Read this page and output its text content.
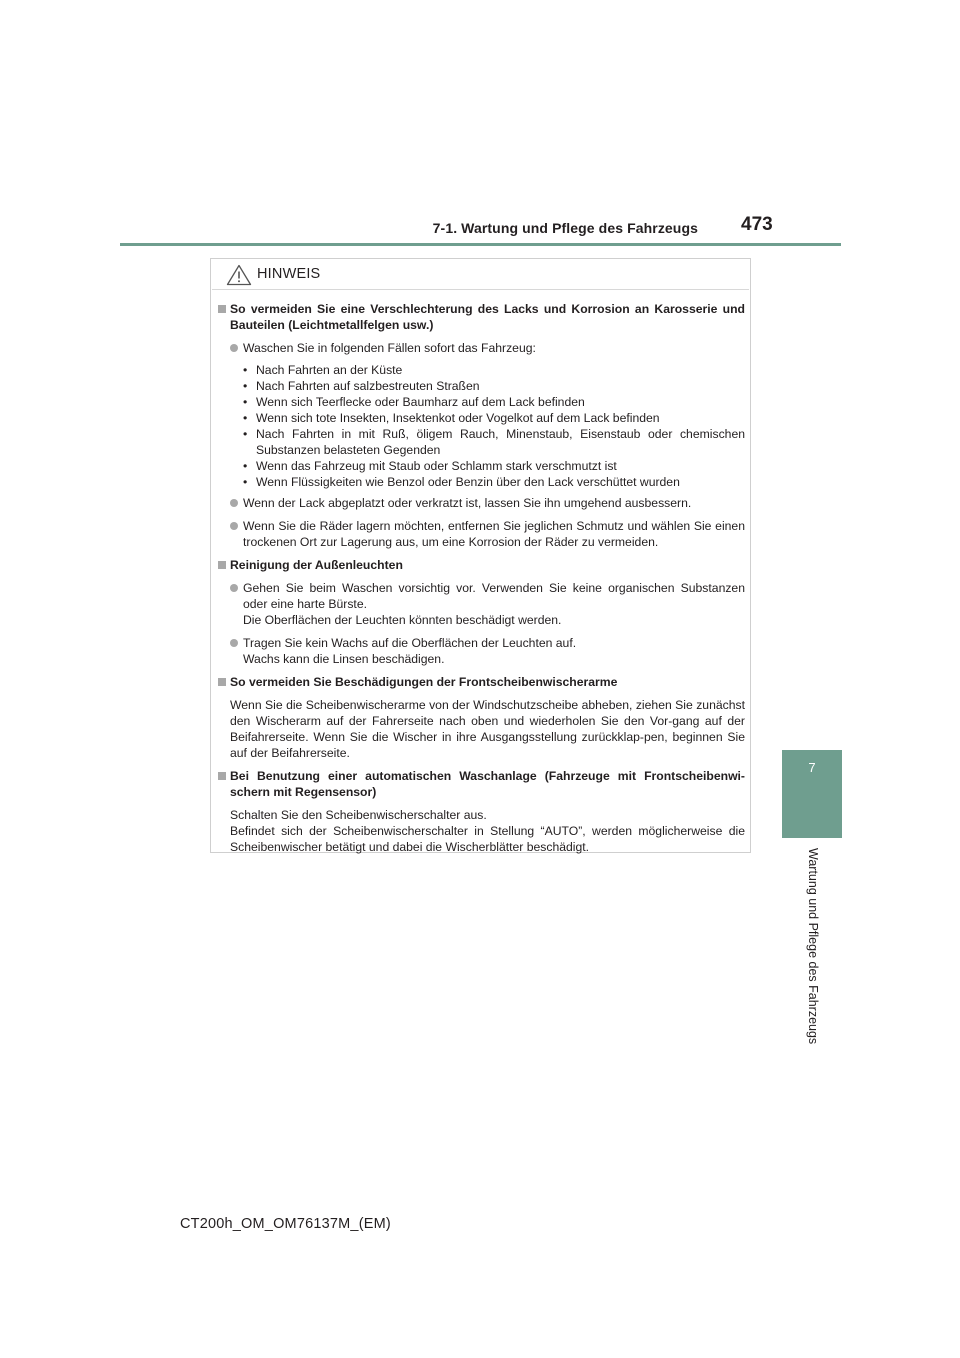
7-1. Wartung und Pflege des Fahrzeugs 473
7
Wartung und Pflege des Fahrzeugs
HINWEIS
So vermeiden Sie eine Verschlechterung des Lacks und Korrosion an Karosserie und Bauteilen (Leichtmetallfelgen usw.)
Waschen Sie in folgenden Fällen sofort das Fahrzeug:
• Nach Fahrten an der Küste
• Nach Fahrten auf salzbestreuten Straßen
• Wenn sich Teerflecke oder Baumharz auf dem Lack befinden
• Wenn sich tote Insekten, Insektenkot oder Vogelkot auf dem Lack befinden
• Nach Fahrten in mit Ruß, öligem Rauch, Minenstaub, Eisenstaub oder chemischen Substanzen belasteten Gegenden
• Wenn das Fahrzeug mit Staub oder Schlamm stark verschmutzt ist
• Wenn Flüssigkeiten wie Benzol oder Benzin über den Lack verschüttet wurden
Wenn der Lack abgeplatzt oder verkratzt ist, lassen Sie ihn umgehend ausbessern.
Wenn Sie die Räder lagern möchten, entfernen Sie jeglichen Schmutz und wählen Sie einen trockenen Ort zur Lagerung aus, um eine Korrosion der Räder zu vermeiden.
Reinigung der Außenleuchten
Gehen Sie beim Waschen vorsichtig vor. Verwenden Sie keine organischen Substanzen oder eine harte Bürste.
Die Oberflächen der Leuchten könnten beschädigt werden.
Tragen Sie kein Wachs auf die Oberflächen der Leuchten auf.
Wachs kann die Linsen beschädigen.
So vermeiden Sie Beschädigungen der Frontscheibenwischerarme
Wenn Sie die Scheibenwischerarme von der Windschutzscheibe abheben, ziehen Sie zunächst den Wischerarm auf der Fahrerseite nach oben und wiederholen Sie den Vor-gang auf der Beifahrerseite. Wenn Sie die Wischer in ihre Ausgangsstellung zurückklap-pen, beginnen Sie auf der Beifahrerseite.
Bei Benutzung einer automatischen Waschanlage (Fahrzeuge mit Frontscheibenwi-schern mit Regensensor)
Schalten Sie den Scheibenwischerschalter aus.
Befindet sich der Scheibenwischerschalter in Stellung “AUTO”, werden möglicherweise die Scheibenwischer betätigt und dabei die Wischerblätter beschädigt.
CT200h_OM_OM76137M_(EM)
